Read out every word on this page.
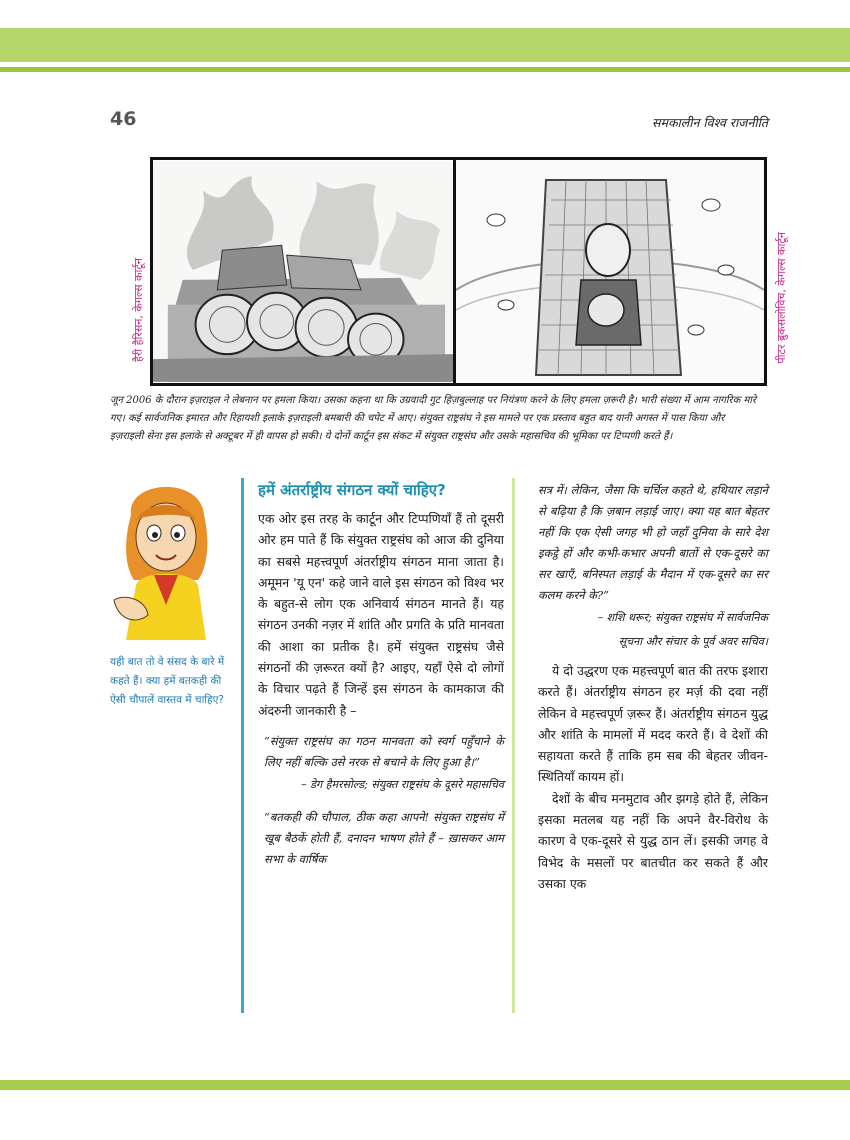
46	समकालीन विश्व राजनीति
हैरी हैरिसन, केगल्स कार्टून	पीटर ब्रुकसलोविच, केगल्स कार्टून
जून 2006 के दौरान इज़राइल ने लेबनान पर हमला किया। उसका कहना था कि उग्रवादी गुट हिज़बुल्लाह पर नियंत्रण करने के लिए हमला ज़रूरी है। भारी संख्या में आम नागरिक मारे गए। कई सार्वजनिक इमारत और रिहायशी इलाके इज़राइली बमबारी की चपेट में आए। संयुक्त राष्ट्रसंघ ने इस मामले पर एक प्रस्ताव बहुत बाद यानी अगस्त में पास किया और इज़राइली सेना इस इलाके से अक्टूबर में ही वापस हो सकी। ये दोनों कार्टून इस संकट में संयुक्त राष्ट्रसंघ और उसके महासचिव की भूमिका पर टिप्पणी करते हैं।
यही बात तो वे संसद के बारे में कहते हैं। क्या हमें बतकही की ऐसी चौपालें वास्तव में चाहिए?
हमें अंतर्राष्ट्रीय संगठन क्यों चाहिए?

एक ओर इस तरह के कार्टून और टिप्पणियाँ हैं तो दूसरी ओर हम पाते हैं कि संयुक्त राष्ट्रसंघ को आज की दुनिया का सबसे महत्त्वपूर्ण अंतर्राष्ट्रीय संगठन माना जाता है। अमूमन 'यू एन' कहे जाने वाले इस संगठन को विश्व भर के बहुत-से लोग एक अनिवार्य संगठन मानते हैं। यह संगठन उनकी नज़र में शांति और प्रगति के प्रति मानवता की आशा का प्रतीक है। हमें संयुक्त राष्ट्रसंघ जैसे संगठनों की ज़रूरत क्यों है? आइए, यहाँ ऐसे दो लोगों के विचार पढ़ते हैं जिन्हें इस संगठन के कामकाज की अंदरुनी जानकारी है –

“संयुक्त राष्ट्रसंघ का गठन मानवता को स्वर्ग पहुँचाने के लिए नहीं बल्कि उसे नरक से बचाने के लिए हुआ है।”

– डेग हैमरसोल्ड; संयुक्त राष्ट्रसंघ के दूसरे महासचिव

“बतकही की चौपाल, ठीक कहा आपने! संयुक्त राष्ट्रसंघ में खूब बैठकें होती हैं, दनादन भाषण होते हैं – ख़ासकर आम सभा के वार्षिक

सत्र में। लेकिन, जैसा कि चर्चिल कहते थे, हथियार लड़ाने से बढ़िया है कि ज़बान लड़ाई जाए। क्या यह बात बेहतर नहीं कि एक ऐसी जगह भी हो जहाँ दुनिया के सारे देश इकट्ठे हों और कभी-कभार अपनी बातों से एक-दूसरे का सर खाएँ, बनिस्पत लड़ाई के मैदान में एक-दूसरे का सर कलम करने के?”

– शशि थरूर; संयुक्त राष्ट्रसंघ में सार्वजनिक सूचना और संचार के पूर्व अवर सचिव।

ये दो उद्धरण एक महत्त्वपूर्ण बात की तरफ इशारा करते हैं। अंतर्राष्ट्रीय संगठन हर मर्ज़ की दवा नहीं लेकिन वे महत्त्वपूर्ण ज़रूर हैं। अंतर्राष्ट्रीय संगठन युद्ध और शांति के मामलों में मदद करते हैं। वे देशों की सहायता करते हैं ताकि हम सब की बेहतर जीवन-स्थितियाँ कायम हों।

देशों के बीच मनमुटाव और झगड़े होते हैं, लेकिन इसका मतलब यह नहीं कि अपने वैर-विरोध के कारण वे एक-दूसरे से युद्ध ठान लें। इसकी जगह वे विभेद के मसलों पर बातचीत कर सकते हैं और उसका एक
